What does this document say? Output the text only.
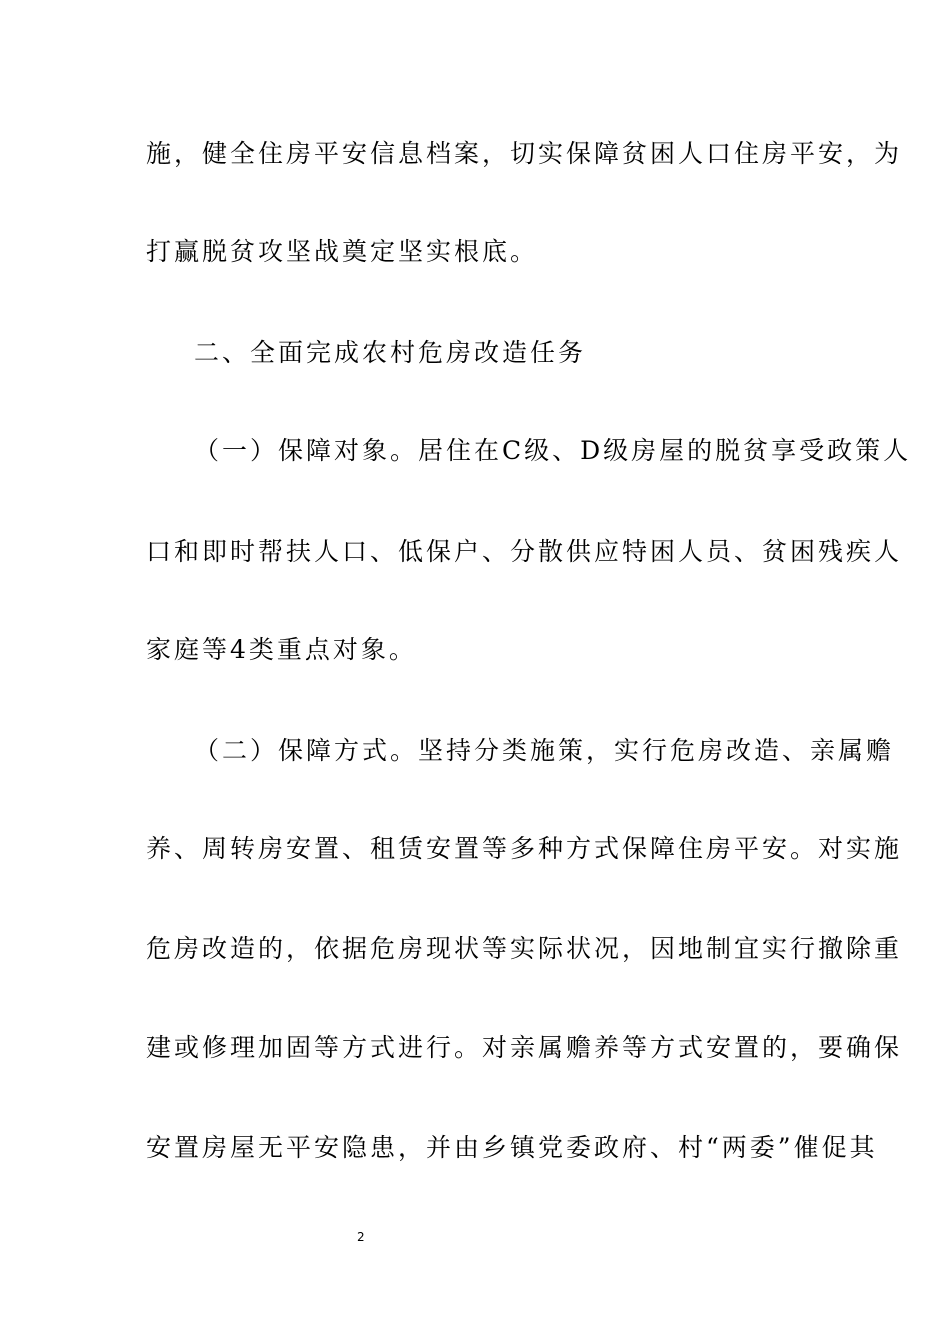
施，健全住房平安信息档案，切实保障贫困人口住房平安，为
打赢脱贫攻坚战奠定坚实根底。
二、全面完成农村危房改造任务
（一）保障对象。居住在C级、D级房屋的脱贫享受政策人
口和即时帮扶人口、低保户、分散供应特困人员、贫困残疾人
家庭等4类重点对象。
（二）保障方式。坚持分类施策，实行危房改造、亲属赡
养、周转房安置、租赁安置等多种方式保障住房平安。对实施
危房改造的，依据危房现状等实际状况，因地制宜实行撤除重
建或修理加固等方式进行。对亲属赡养等方式安置的，要确保
安置房屋无平安隐患，并由乡镇党委政府、村“两委”催促其
2
